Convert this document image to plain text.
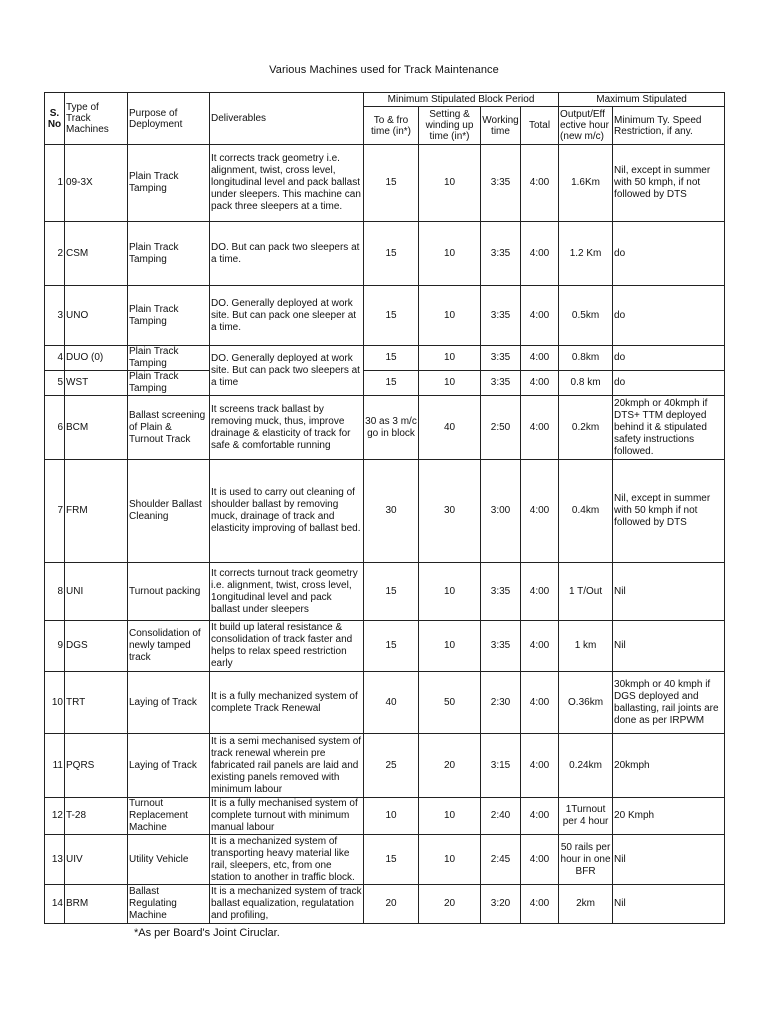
Various Machines used for Track Maintenance
S. No	Type of Track Machines	Purpose of Deployment	Deliverables	Minimum Stipulated Block Period				Maximum Stipulated	
				To & fro time (in*)	Setting & winding up time (in*)	Working time	Total	Output/Eff ective hour (new m/c)	Minimum Ty. Speed Restriction, if any.
1	09-3X	Plain Track Tamping	It corrects track geometry i.e. alignment, twist, cross level, longitudinal level and pack ballast under sleepers. This machine can pack three sleepers at a time.	15	10	3:35	4:00	1.6Km	Nil, except in summer with 50 kmph, if not followed by DTS
2	CSM	Plain Track Tamping	DO. But can pack two sleepers at a time.	15	10	3:35	4:00	1.2 Km	do
3	UNO	Plain Track Tamping	DO. Generally deployed at work site. But can pack one sleeper at a time.	15	10	3:35	4:00	0.5km	do
4	DUO (0)	Plain Track Tamping	DO. Generally deployed at work site. But can pack two sleepers at a time	15	10	3:35	4:00	0.8km	do
5	WST	Plain Track Tamping		15	10	3:35	4:00	0.8 km	do
6	BCM	Ballast screening of Plain & Turnout Track	It screens track ballast by removing muck, thus, improve drainage & elasticity of track for safe & comfortable running	30 as 3 m/c go in block	40	2:50	4:00	0.2km	20kmph or 40kmph if DTS+ TTM deployed behind it & stipulated safety instructions followed.
7	FRM	Shoulder Ballast Cleaning	It is used to carry out cleaning of shoulder ballast by removing muck, drainage of track and elasticity improving of ballast bed.	30	30	3:00	4:00	0.4km	Nil, except in summer with 50 kmph if not followed by DTS
8	UNI	Turnout packing	It corrects turnout track geometry i.e. alignment, twist, cross level, 1ongitudinal level and pack ballast under sleepers	15	10	3:35	4:00	1 T/Out	Nil
9	DGS	Consolidation of newly tamped track	It build up lateral resistance & consolidation of track faster and helps to relax speed restriction early	15	10	3:35	4:00	1 km	Nil
10	TRT	Laying of Track	It is a fully mechanized system of complete Track Renewal	40	50	2:30	4:00	O.36km	30kmph or 40 kmph if DGS deployed and ballasting, rail joints are done as per IRPWM
11	PQRS	Laying of Track	It is a semi mechanised system of track renewal wherein pre fabricated rail panels are laid and existing panels removed with minimum labour	25	20	3:15	4:00	0.24km	20kmph
12	T-28	Turnout Replacement Machine	It is a fully mechanised system of complete turnout with minimum manual labour	10	10	2:40	4:00	1Turnout per 4 hour	20 Kmph
13	UIV	Utility Vehicle	It is a mechanized system of transporting heavy material like rail, sleepers, etc, from one station to another in traffic block.	15	10	2:45	4:00	50 rails per hour in one BFR	Nil
14	BRM	Ballast Regulating Machine	It is a mechanized system of track ballast equalization, regulatation and profiling,	20	20	3:20	4:00	2km	Nil
*As per Board's Joint Ciruclar.
